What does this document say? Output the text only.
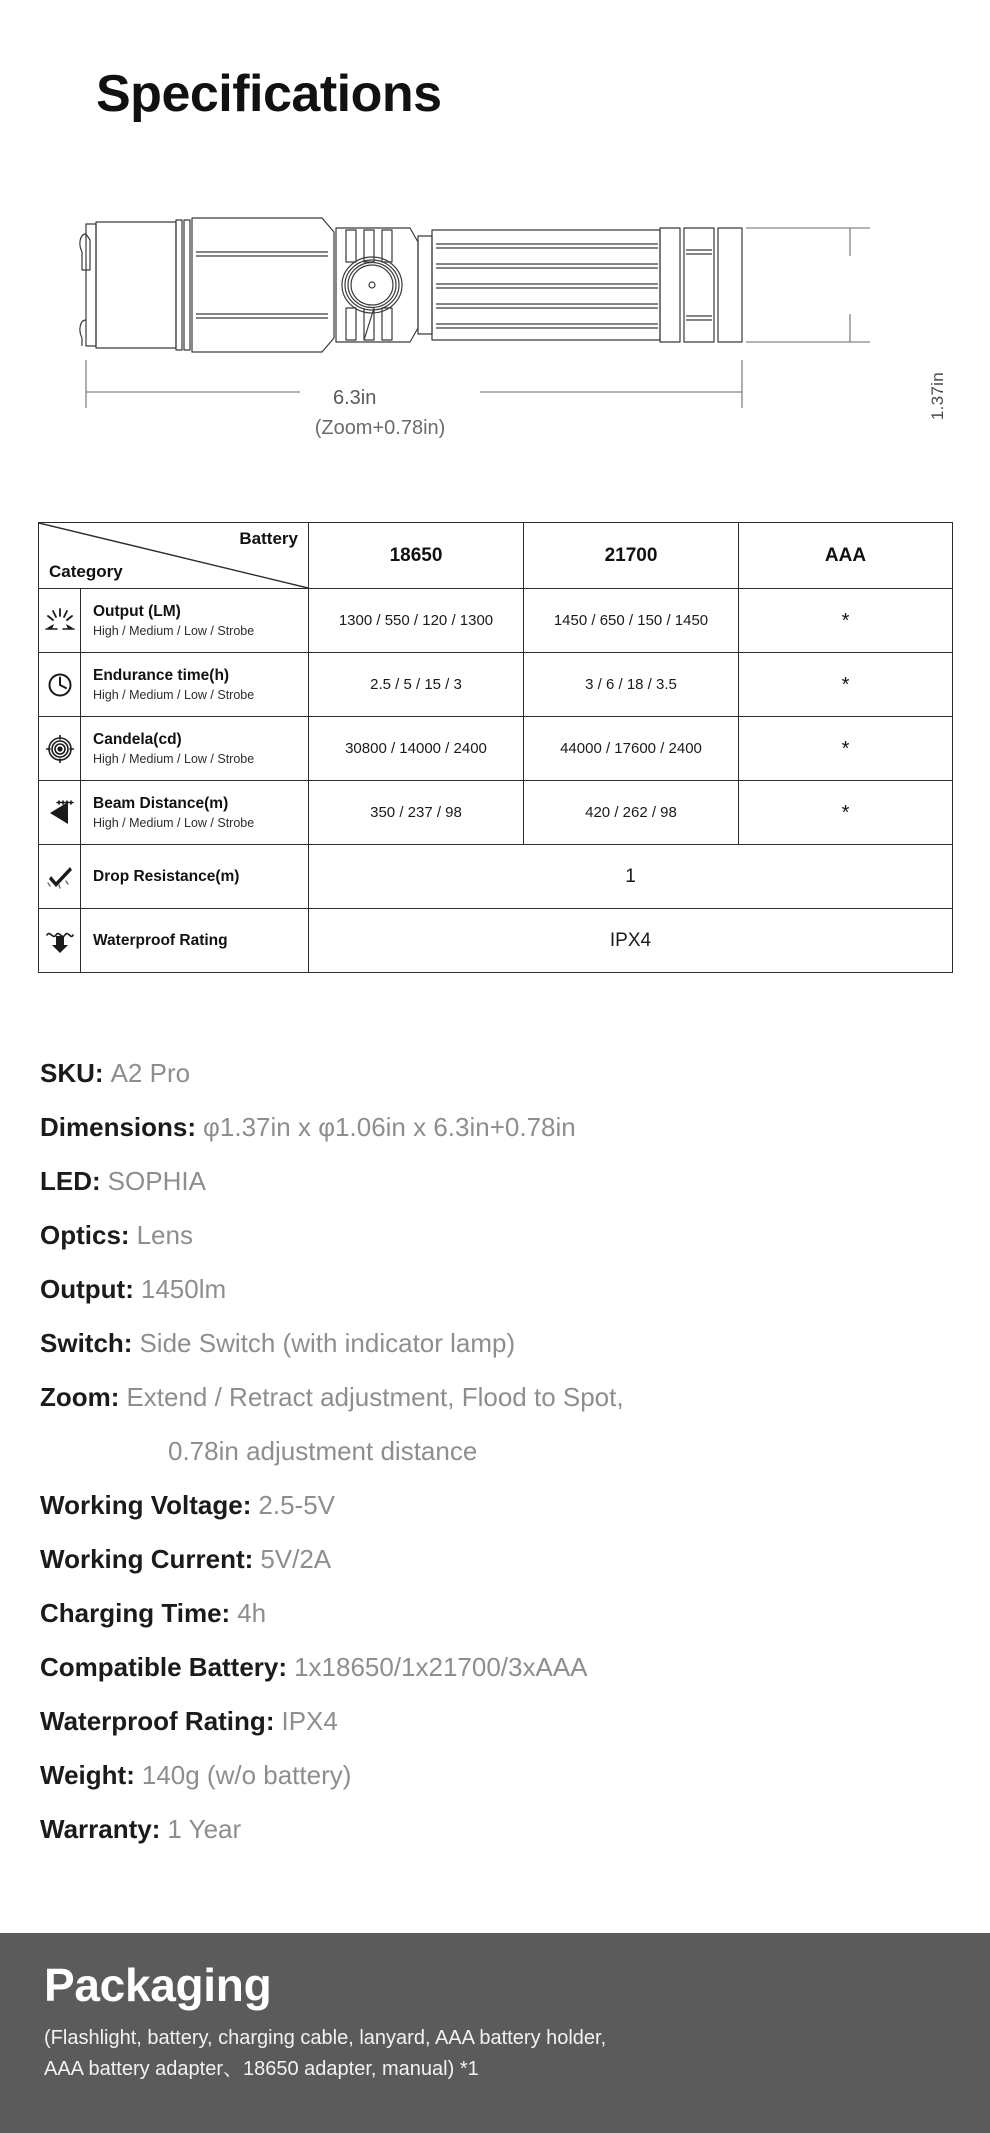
Specifications
1.37in
6.3in
(Zoom+0.78in)
Battery
Category		18650	21700	AAA

Output (LM)
High / Medium / Low / Strobe	1300 / 550 / 120 / 1300	1450 / 650 / 150 / 1450	*

Endurance time(h)
High / Medium / Low / Strobe	2.5 / 5 / 15 / 3	3 / 6 / 18 / 3.5	*

Candela(cd)
High / Medium / Low / Strobe	30800 / 14000 / 2400	44000 / 17600 / 2400	*

Beam Distance(m)
High / Medium / Low / Strobe	350 / 237 / 98	420 / 262 / 98	*

Drop Resistance(m)	1		

Waterproof Rating	IPX4		
SKU: A2 Pro
Dimensions: φ1.37in x φ1.06in x 6.3in+0.78in
LED: SOPHIA
Optics: Lens
Output: 1450lm
Switch: Side Switch (with indicator lamp)
Zoom: Extend / Retract adjustment, Flood to Spot,
0.78in adjustment distance
Working Voltage: 2.5-5V
Working Current: 5V/2A
Charging Time: 4h
Compatible Battery: 1x18650/1x21700/3xAAA
Waterproof Rating: IPX4
Weight: 140g (w/o battery)
Warranty: 1 Year
Packaging
(Flashlight, battery, charging cable, lanyard, AAA battery holder,
AAA battery adapter、18650 adapter, manual) *1
